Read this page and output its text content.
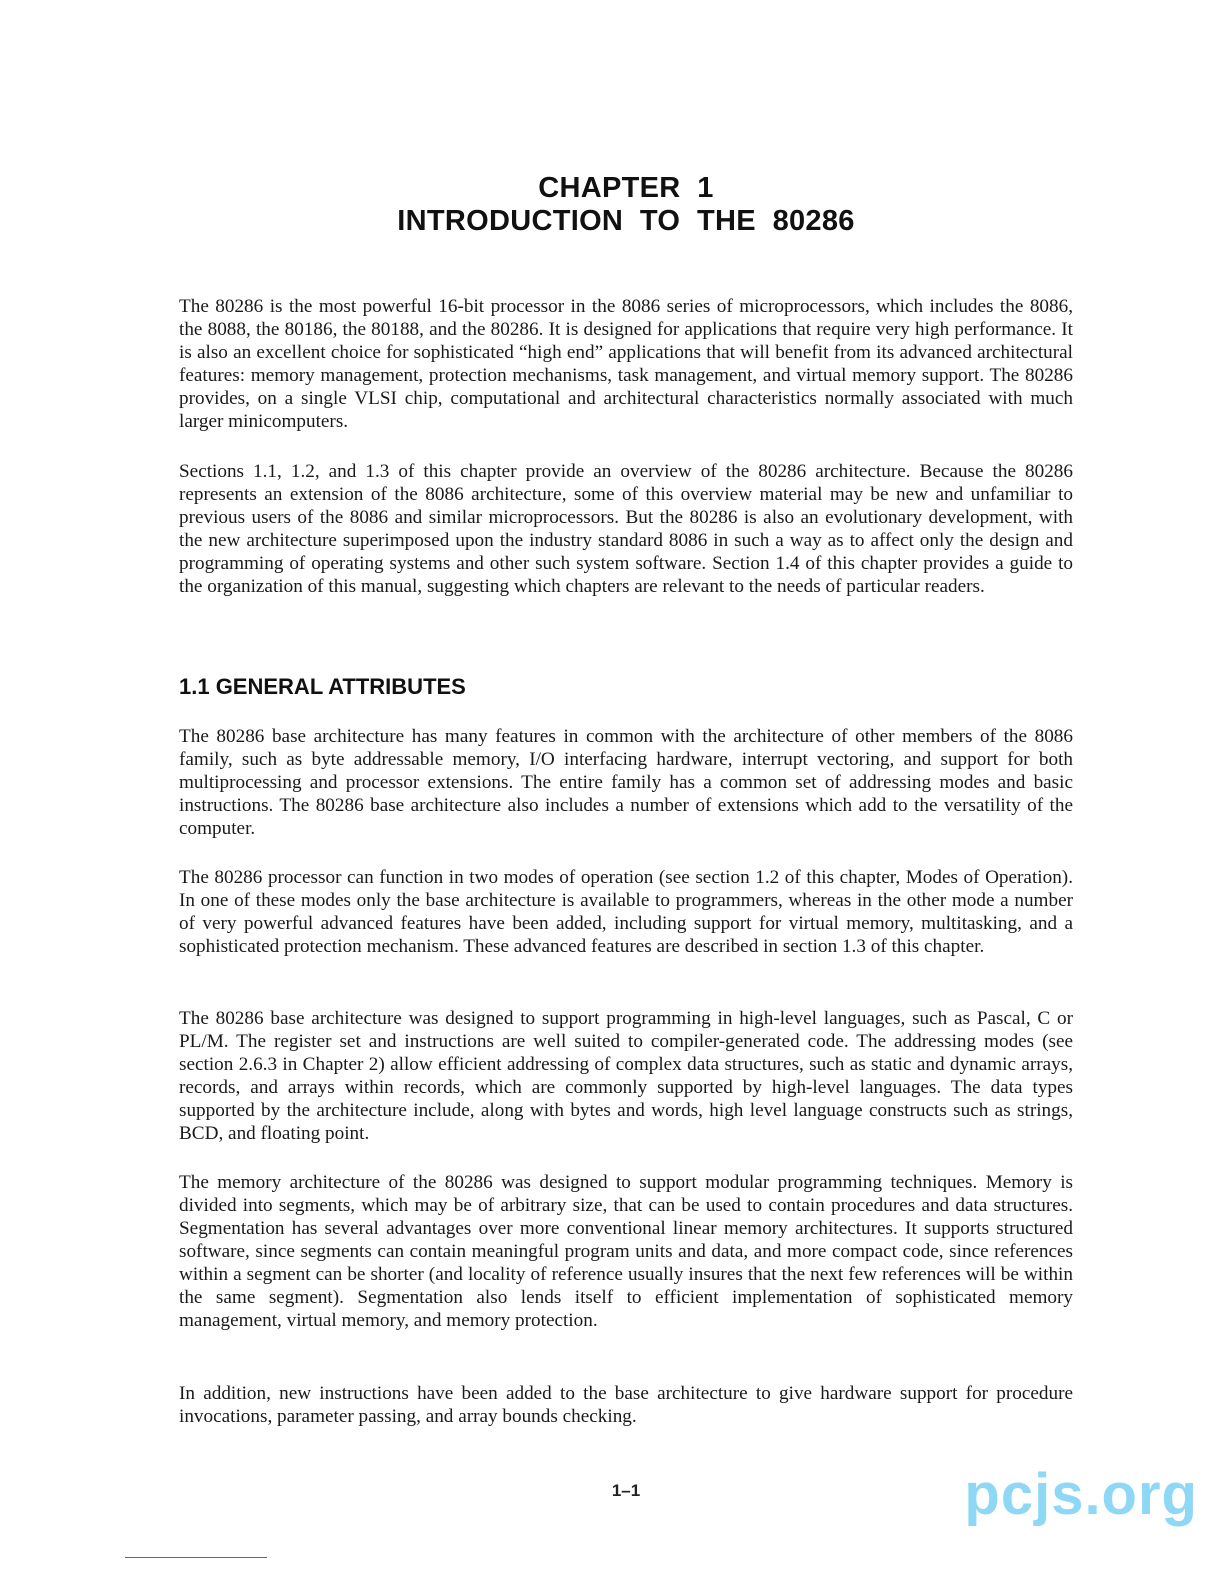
CHAPTER  1
INTRODUCTION  TO  THE  80286

The 80286 is the most powerful 16-bit processor in the 8086 series of microprocessors, which includes the 8086, the 8088, the 80186, the 80188, and the 80286. It is designed for applications that require very high performance. It is also an excellent choice for sophisticated “high end” applications that will benefit from its advanced architectural features: memory management, protection mechanisms, task management, and virtual memory support. The 80286 provides, on a single VLSI chip, computational and architectural characteristics normally associated with much larger minicomputers.

Sections 1.1, 1.2, and 1.3 of this chapter provide an overview of the 80286 architecture. Because the 80286 represents an extension of the 8086 architecture, some of this overview material may be new and unfamiliar to previous users of the 8086 and similar microprocessors. But the 80286 is also an evolutionary development, with the new architecture superimposed upon the industry standard 8086 in such a way as to affect only the design and programming of operating systems and other such system software. Section 1.4 of this chapter provides a guide to the organization of this manual, suggesting which chapters are relevant to the needs of particular readers.

1.1 GENERAL ATTRIBUTES

The 80286 base architecture has many features in common with the architecture of other members of the 8086 family, such as byte addressable memory, I/O interfacing hardware, interrupt vectoring, and support for both multiprocessing and processor extensions. The entire family has a common set of addressing modes and basic instructions. The 80286 base architecture also includes a number of extensions which add to the versatility of the computer.

The 80286 processor can function in two modes of operation (see section 1.2 of this chapter, Modes of Operation). In one of these modes only the base architecture is available to programmers, whereas in the other mode a number of very powerful advanced features have been added, including support for virtual memory, multitasking, and a sophisticated protection mechanism. These advanced features are described in section 1.3 of this chapter.

The 80286 base architecture was designed to support programming in high-level languages, such as Pascal, C or PL/M. The register set and instructions are well suited to compiler-generated code. The addressing modes (see section 2.6.3 in Chapter 2) allow efficient addressing of complex data structures, such as static and dynamic arrays, records, and arrays within records, which are commonly supported by high-level languages. The data types supported by the architecture include, along with bytes and words, high level language constructs such as strings, BCD, and floating point.

The memory architecture of the 80286 was designed to support modular programming techniques. Memory is divided into segments, which may be of arbitrary size, that can be used to contain procedures and data structures. Segmentation has several advantages over more conventional linear memory architectures. It supports structured software, since segments can contain meaningful program units and data, and more compact code, since references within a segment can be shorter (and locality of reference usually insures that the next few references will be within the same segment). Segmentation also lends itself to efficient implementation of sophisticated memory management, virtual memory, and memory protection.

In addition, new instructions have been added to the base architecture to give hardware support for procedure invocations, parameter passing, and array bounds checking.

1–1	pcjs.org
